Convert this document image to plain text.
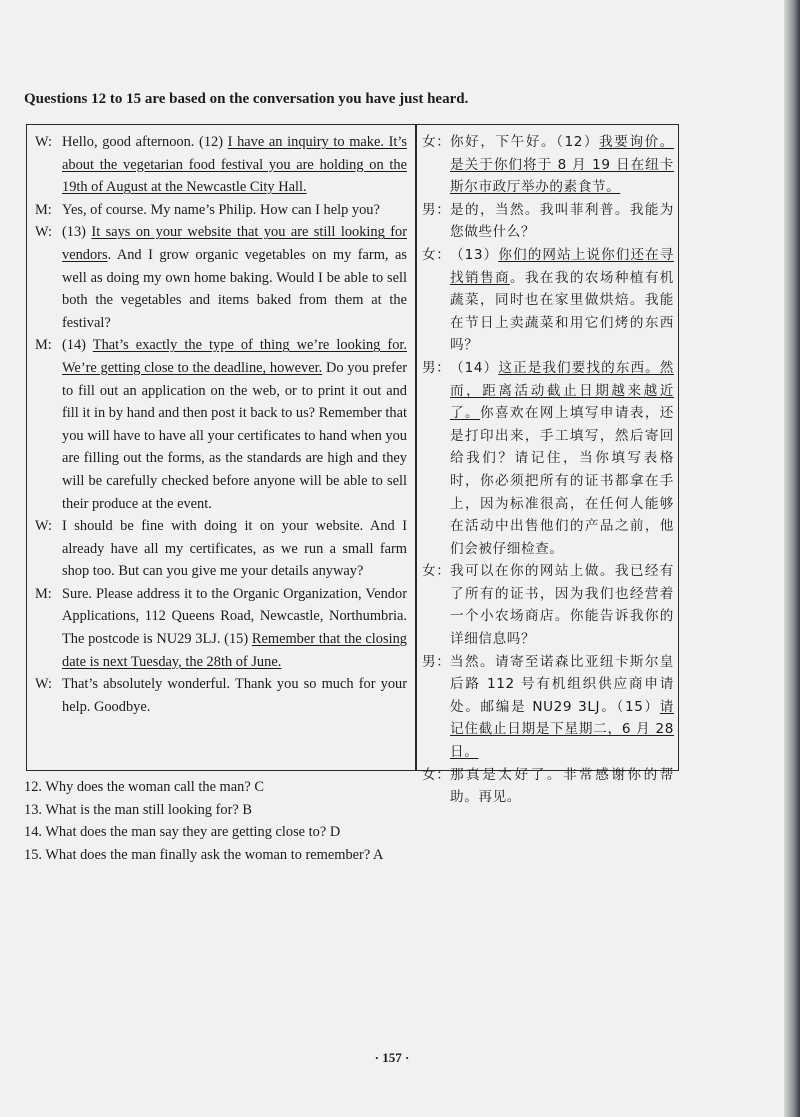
Questions 12 to 15 are based on the conversation you have just heard.
W: Hello, good afternoon. (12) I have an inquiry to make. It’s about the vegetarian food festival you are holding on the 19th of August at the Newcastle City Hall.
M: Yes, of course. My name’s Philip. How can I help you?
W: (13) It says on your website that you are still looking for vendors. And I grow organic vegetables on my farm, as well as doing my own home baking. Would I be able to sell both the vegetables and items baked from them at the festival?
M: (14) That’s exactly the type of thing we’re looking for. We’re getting close to the deadline, however. Do you prefer to fill out an application on the web, or to print it out and fill it in by hand and then post it back to us? Remember that you will have to have all your certificates to hand when you are filling out the forms, as the standards are high and they will be carefully checked before anyone will be able to sell their produce at the event.
W: I should be fine with doing it on your website. And I already have all my certificates, as we run a small farm shop too. But can you give me your details anyway?
M: Sure. Please address it to the Organic Organization, Vendor Applications, 112 Queens Road, Newcastle, Northumbria. The postcode is NU29 3LJ. (15) Remember that the closing date is next Tuesday, the 28th of June.
W: That’s absolutely wonderful. Thank you so much for your help. Goodbye.
女： 你好，下午好。（12）我要询价。是关于你们将于 8 月 19 日在纽卡斯尔市政厅举办的素食节。
男： 是的，当然。我叫菲利普。我能为您做些什么？
女： （13）你们的网站上说你们还在寻找销售商。我在我的农场种植有机蔬菜，同时也在家里做烘焙。我能在节日上卖蔬菜和用它们烤的东西吗？
男： （14）这正是我们要找的东西。然而，距离活动截止日期越来越近了。你喜欢在网上填写申请表，还是打印出来，手工填写，然后寄回给我们？请记住，当你填写表格时，你必须把所有的证书都拿在手上，因为标准很高，在任何人能够在活动中出售他们的产品之前，他们会被仔细检查。
女： 我可以在你的网站上做。我已经有了所有的证书，因为我们也经营着一个小农场商店。你能告诉我你的详细信息吗？
男： 当然。请寄至诺森比亚纽卡斯尔皇后路 112 号有机组织供应商申请处。邮编是 NU29 3LJ。（15）请记住截止日期是下星期二，6 月 28 日。
女： 那真是太好了。非常感谢你的帮助。再见。
12. Why does the woman call the man? C
13. What is the man still looking for? B
14. What does the man say they are getting close to? D
15. What does the man finally ask the woman to remember? A
· 157 ·
